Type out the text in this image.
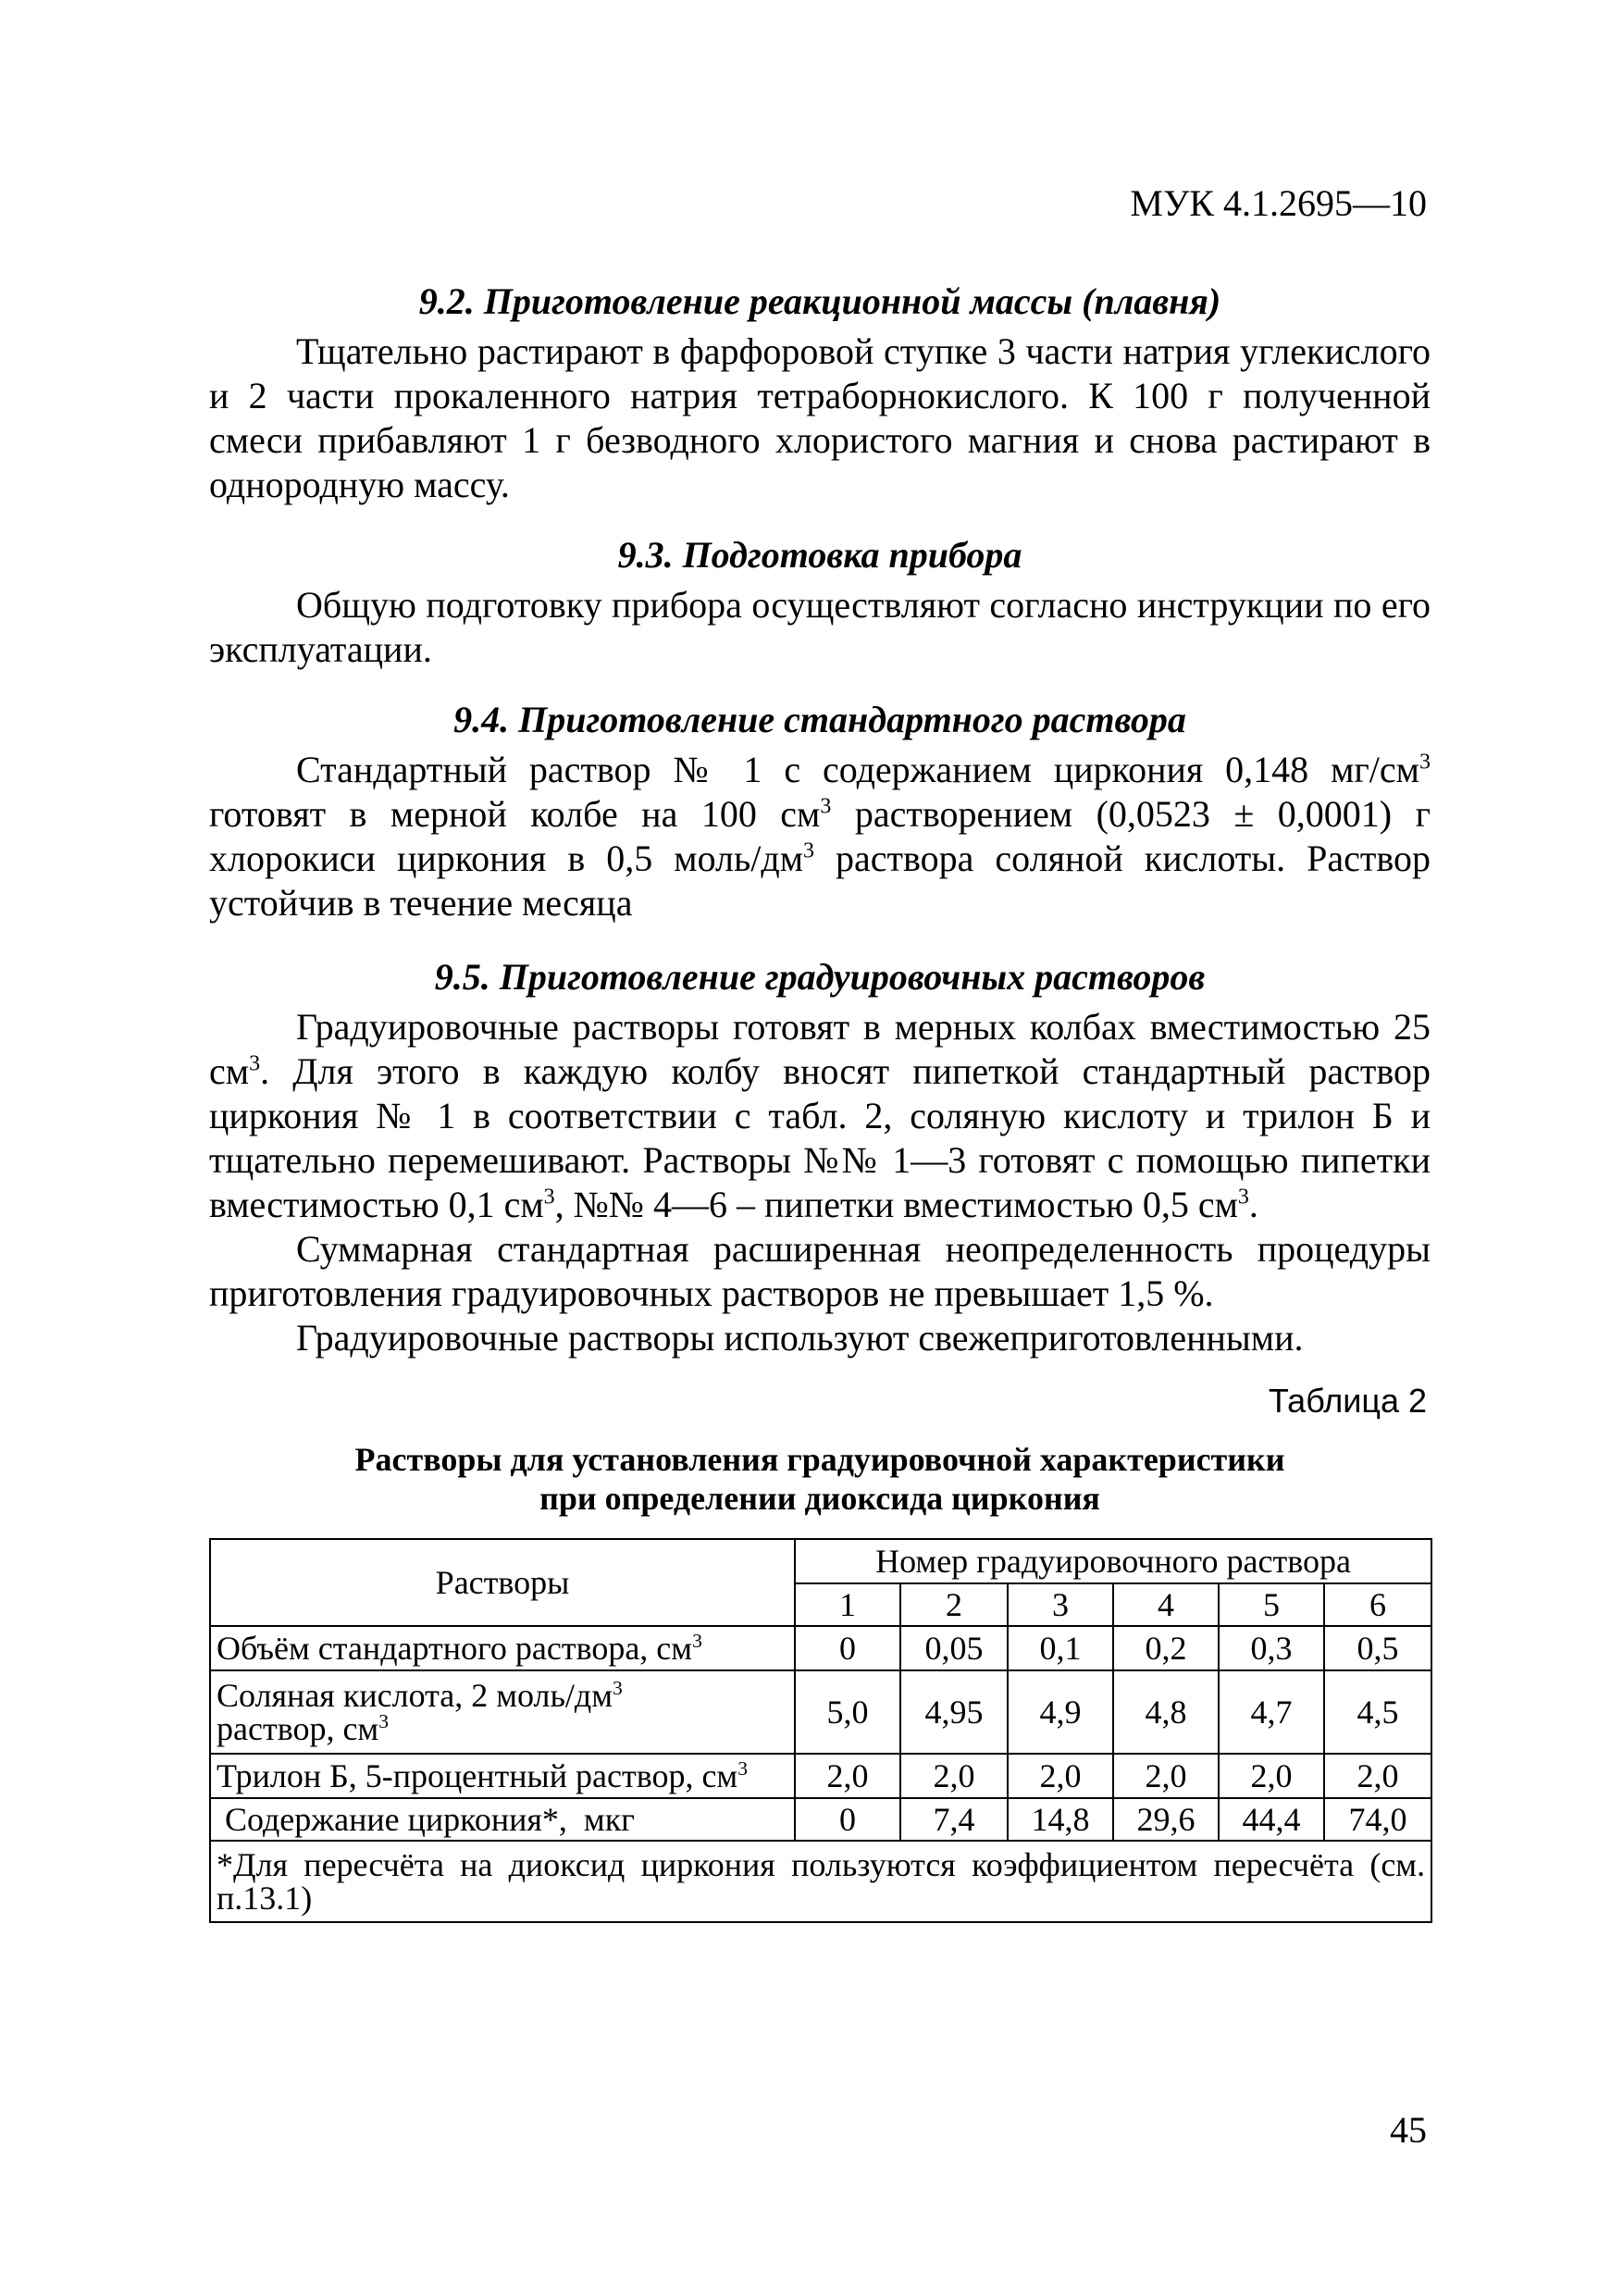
МУК 4.1.2695—10
9.2. Приготовление реакционной массы (плавня)

Тщательно растирают в фарфоровой ступке 3 части натрия углекислого и 2 части прокаленного натрия тетраборнокислого. К 100 г полученной смеси прибавляют 1 г безводного хлористого магния и снова растирают в однородную массу.

9.3. Подготовка прибора

Общую подготовку прибора осуществляют согласно инструкции по его эксплуатации.

9.4. Приготовление стандартного раствора

Стандартный раствор № 1 с содержанием циркония 0,148 $мг/см^3$ готовят в мерной колбе на 100 $см^3$ растворением (0,0523 ± 0,0001) г хлорокиси циркония в 0,5 моль/$дм^3$ раствора соляной кислоты. Раствор устойчив в течение месяца

9.5. Приготовление градуировочных растворов

Градуировочные растворы готовят в мерных колбах вместимостью 25 $см^3$. Для этого в каждую колбу вносят пипеткой стандартный раствор циркония № 1 в соответствии с табл. 2, соляную кислоту и трилон Б и тщательно перемешивают. Растворы №№ 1—3 готовят с помощью пипетки вместимостью 0,1 $см^3$, №№ 4—6 – пипетки вместимостью 0,5 $см^3$.

Суммарная стандартная расширенная неопределенность процедуры приготовления градуировочных растворов не превышает 1,5 %.

Градуировочные растворы используют свежеприготовленными.

Таблица 2
Растворы для установления градуировочной характеристики
при определении диоксида циркония
Растворы	Номер градуировочного раствора					
	1	2	3	4	5	6
Объём стандартного раствора, $см^3$	0	0,05	0,1	0,2	0,3	0,5
Соляная кислота, 2 моль/$дм^3$
раствор, $см^3$	5,0	4,95	4,9	4,8	4,7	4,5
Трилон Б, 5-процентный раствор, $см^3$	2,0	2,0	2,0	2,0	2,0	2,0
Содержание циркония*,  мкг	0	7,4	14,8	29,6	44,4	74,0
*Для пересчёта на диоксид циркония пользуются коэффициентом пересчёта (см. п.13.1)						
45
